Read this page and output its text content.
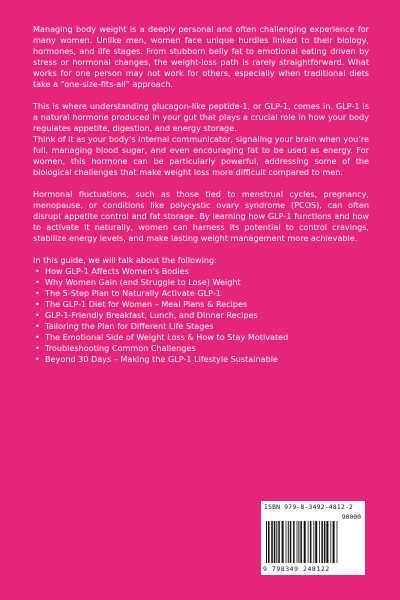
Managing body weight is a deeply personal and often challenging experience for many women. Unlike men, women face unique hurdles linked to their biology, hormones, and life stages. From stubborn belly fat to emotional eating driven by stress or hormonal changes, the weight-loss path is rarely straightforward. What works for one person may not work for others, especially when traditional diets take a “one-size-fits-all” approach.

This is where understanding glucagon-like peptide-1, or GLP-1, comes in. GLP-1 is a natural hormone produced in your gut that plays a crucial role in how your body regulates appetite, digestion, and energy storage.

Think of it as your body’s internal communicator, signaling your brain when you’re full, managing blood sugar, and even encouraging fat to be used as energy. For women, this hormone can be particularly powerful, addressing some of the biological challenges that make weight loss more difficult compared to men.

Hormonal fluctuations, such as those tied to menstrual cycles, pregnancy, menopause, or conditions like polycystic ovary syndrome (PCOS), can often disrupt appetite control and fat storage. By learning how GLP-1 functions and how to activate it naturally, women can harness its potential to control cravings, stabilize energy levels, and make lasting weight management more achievable.

In this guide, we will talk about the following:

• How GLP-1 Affects Women’s Bodies
• Why Women Gain (and Struggle to Lose) Weight
• The 5-Step Plan to Naturally Activate GLP-1
• The GLP-1 Diet for Women – Meal Plans & Recipes
• GLP-1-Friendly Breakfast, Lunch, and Dinner Recipes
• Tailoring the Plan for Different Life Stages
• The Emotional Side of Weight Loss & How to Stay Motivated
• Troubleshooting Common Challenges
• Beyond 30 Days – Making the GLP-1 Lifestyle Sustainable
ISBN 979-8-3492-4812-2
90000
9 798349 248122
